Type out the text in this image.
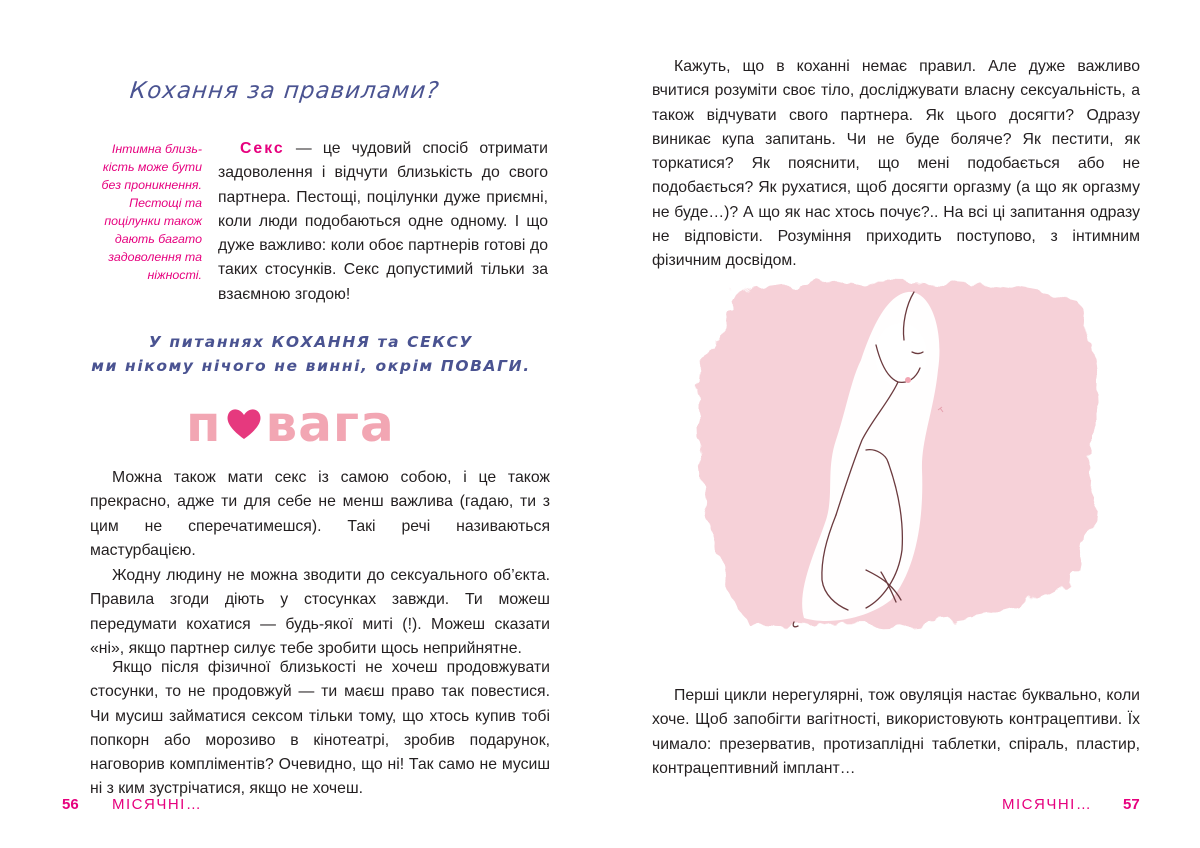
Кохання за правилами?
Інтимна близькість може бути без проникнення. Пестощі та поцілунки також дають багато задоволення та ніжності.

Секс — це чудовий спосіб отримати задоволення і відчути близькість до свого партнера. Пестощі, поцілунки дуже приємні, коли люди подобаються одне одному. І що дуже важливо: коли обоє партнерів готові до таких стосунків. Секс допустимий тільки за взаємною згодою!

У питаннях КОХАННЯ та СЕКСУ
ми нікому нічого не винні, окрім ПОВАГИ.
п вага

Можна також мати секс із самою собою, і це також прекрасно, адже ти для себе не менш важлива (гадаю, ти з цим не сперечатимешся). Такі речі називаються мастурбацією.

Жодну людину не можна зводити до сексуального об’єкта. Правила згоди діють у стосунках завжди. Ти можеш передумати кохатися — будь-якої миті (!). Можеш сказати «ні», якщо партнер силує тебе зробити щось неприйнятне.

Якщо після фізичної близькості не хочеш продовжувати стосунки, то не продовжуй — ти маєш право так повестися. Чи мусиш займатися сексом тільки тому, що хтось купив тобі попкорн або морозиво в кінотеатрі, зробив подарунок, наговорив компліментів? Очевидно, що ні! Так само не мусиш ні з ким зустрічатися, якщо не хочеш.

56 МІСЯЧНІ…

Кажуть, що в коханні немає правил. Але дуже важливо вчитися розуміти своє тіло, досліджувати власну сексуальність, а також відчувати свого партнера. Як цього досягти? Одразу виникає купа запитань. Чи не буде боляче? Як пестити, як торкатися? Як пояснити, що мені подобається або не подобається? Як рухатися, щоб досягти оргазму (а що як оргазму не буде…)? А що як нас хтось почує?.. На всі ці запитання одразу не відповісти. Розуміння приходить поступово, з інтимним фізичним досвідом.

Перші цикли нерегулярні, тож овуляція настає буквально, коли хоче. Щоб запобігти вагітності, використовують контрацептиви. Їх чимало: презерватив, протизаплідні таблетки, спіраль, пластир, контрацептивний імплант…

МІСЯЧНІ… 57
